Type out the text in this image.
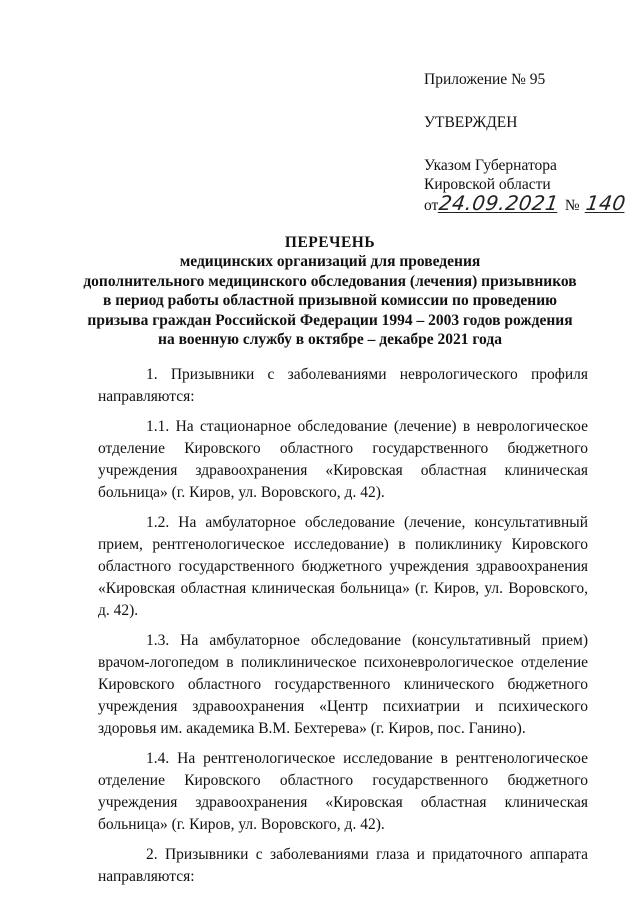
Приложение № 95
УТВЕРЖДЕН
Указом Губернатора
Кировской области
от24.09.2021 № 140
ПЕРЕЧЕНЬ
медицинских организаций для проведения
дополнительного медицинского обследования (лечения) призывников
в период работы областной призывной комиссии по проведению
призыва граждан Российской Федерации 1994 – 2003 годов рождения
на военную службу в октябре – декабре 2021 года

1. Призывники с заболеваниями неврологического профиля направляются:

1.1. На стационарное обследование (лечение) в неврологическое отделение Кировского областного государственного бюджетного учреждения здравоохранения «Кировская областная клиническая больница» (г. Киров, ул. Воровского, д. 42).

1.2. На амбулаторное обследование (лечение, консультативный прием, рентгенологическое исследование) в поликлинику Кировского областного государственного бюджетного учреждения здравоохранения «Кировская областная клиническая больница» (г. Киров, ул. Воровского, д. 42).

1.3. На амбулаторное обследование (консультативный прием) врачом-логопедом в поликлиническое психоневрологическое отделение Кировского областного государственного клинического бюджетного учреждения здравоохранения «Центр психиатрии и психического здоровья им. академика В.М. Бехтерева» (г. Киров, пос. Ганино).

1.4. На рентгенологическое исследование в рентгенологическое отделение Кировского областного государственного бюджетного учреждения здравоохранения «Кировская областная клиническая больница» (г. Киров, ул. Воровского, д. 42).

2. Призывники с заболеваниями глаза и придаточного аппарата направляются:
